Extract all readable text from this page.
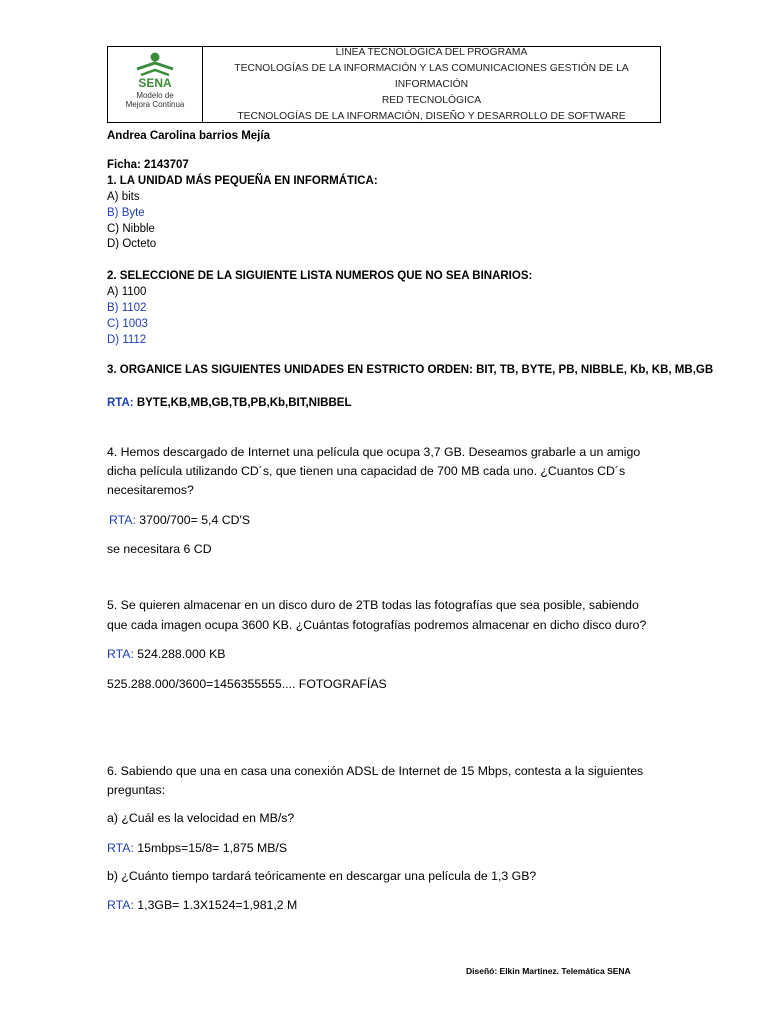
SENA
Modelo de
Mejora Continua
LÍNEA TECNOLÓGICA DEL PROGRAMA
TECNOLOGÍAS DE LA INFORMACIÓN Y LAS COMUNICACIONES GESTIÓN DE LA INFORMACIÓN
RED TECNOLÓGICA
TECNOLOGÍAS DE LA INFORMACIÓN, DISEÑO Y DESARROLLO DE SOFTWARE
Andrea Carolina barrios Mejía
Ficha: 2143707
1. LA UNIDAD MÁS PEQUEÑA EN INFORMÁTICA:
A) bits
B) Byte
C) Nibble
D) Octeto
2. SELECCIONE DE LA SIGUIENTE LISTA NUMEROS QUE NO SEA BINARIOS:
A) 1100
B) 1102
C) 1003
D) 1112
3. ORGANICE LAS SIGUIENTES UNIDADES EN ESTRICTO ORDEN: BIT, TB, BYTE, PB, NIBBLE, Kb, KB, MB,GB
RTA: BYTE,KB,MB,GB,TB,PB,Kb,BIT,NIBBEL
4. Hemos descargado de Internet una película que ocupa 3,7 GB. Deseamos grabarle a un amigo
dicha película utilizando CD´s, que tienen una capacidad de 700 MB cada uno. ¿Cuantos CD´s
necesitaremos?
RTA: 3700/700= 5,4 CD'S
se necesitara 6 CD
5. Se quieren almacenar en un disco duro de 2TB todas las fotografías que sea posible, sabiendo
que cada imagen ocupa 3600 KB. ¿Cuántas fotografías podremos almacenar en dicho disco duro?
RTA: 524.288.000 KB
525.288.000/3600=1456355555.... FOTOGRAFÍAS
6. Sabiendo que una en casa una conexión ADSL de Internet de 15 Mbps, contesta a la siguientes
preguntas:
a) ¿Cuál es la velocidad en MB/s?
RTA: 15mbps=15/8= 1,875 MB/S
b) ¿Cuánto tiempo tardará teóricamente en descargar una película de 1,3 GB?
RTA: 1,3GB= 1.3X1524=1,981,2 M
Diseñó: Elkin Martinez. Telemática SENA
